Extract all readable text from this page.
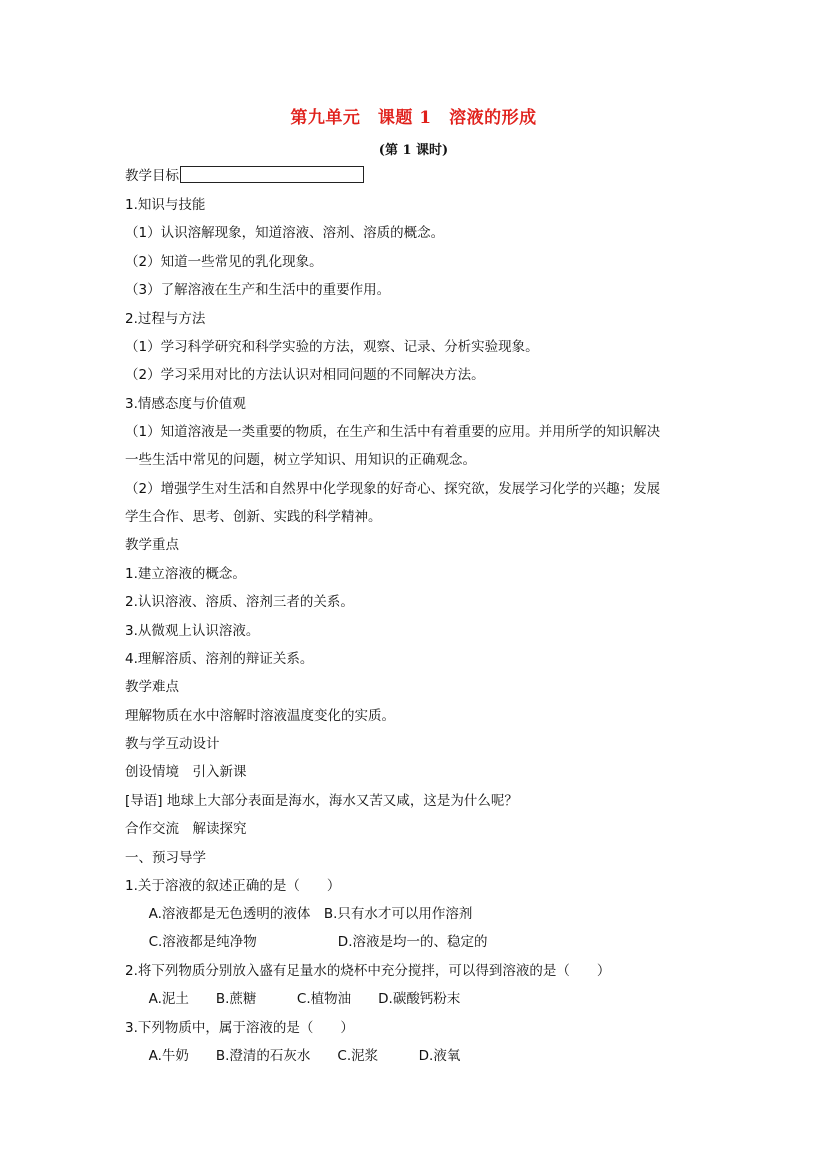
第九单元　课题 1　溶液的形成
(第 1 课时)
教学目标
1.知识与技能
（1）认识溶解现象，知道溶液、溶剂、溶质的概念。
（2）知道一些常见的乳化现象。
（3）了解溶液在生产和生活中的重要作用。
2.过程与方法
（1）学习科学研究和科学实验的方法，观察、记录、分析实验现象。
（2）学习采用对比的方法认识对相同问题的不同解决方法。
3.情感态度与价值观
（1）知道溶液是一类重要的物质，在生产和生活中有着重要的应用。并用所学的知识解决
一些生活中常见的问题，树立学知识、用知识的正确观念。
（2）增强学生对生活和自然界中化学现象的好奇心、探究欲，发展学习化学的兴趣；发展
学生合作、思考、创新、实践的科学精神。
教学重点
1.建立溶液的概念。
2.认识溶液、溶质、溶剂三者的关系。
3.从微观上认识溶液。
4.理解溶质、溶剂的辩证关系。
教学难点
理解物质在水中溶解时溶液温度变化的实质。
教与学互动设计
创设情境　引入新课
[导语] 地球上大部分表面是海水，海水又苦又咸，这是为什么呢？
合作交流　解读探究
一、预习导学
1.关于溶液的叙述正确的是（　　）
A.溶液都是无色透明的液体　B.只有水才可以用作溶剂
C.溶液都是纯净物　　　　　　D.溶液是均一的、稳定的
2.将下列物质分别放入盛有足量水的烧杯中充分搅拌，可以得到溶液的是（　　）
A.泥土　　B.蔗糖　　　C.植物油　　D.碳酸钙粉末
3.下列物质中，属于溶液的是（　　）
A.牛奶　　B.澄清的石灰水　　C.泥浆　　　D.液氧
